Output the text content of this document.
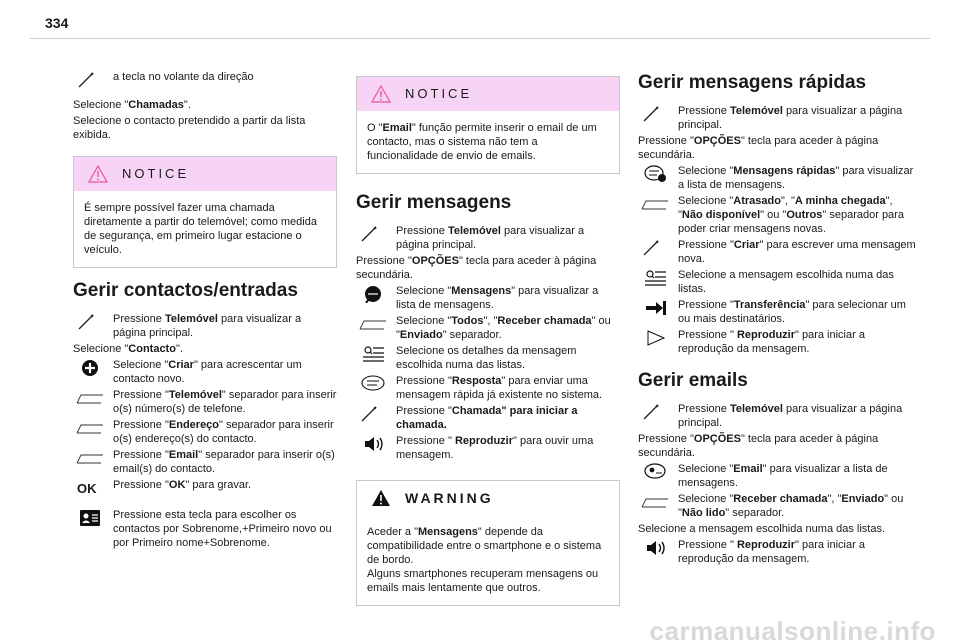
334
a tecla no volante da direção

Selecione "Chamadas".

Selecione o contacto pretendido a partir da lista exibida.

NOTICE
É sempre possível fazer uma chamada diretamente a partir do telemóvel; como medida de segurança, em primeiro lugar estacione o veículo.
Gerir contactos/entradas
Pressione Telemóvel para visualizar a página principal.

Selecione "Contacto".

Selecione "Criar" para acrescentar um contacto novo.
Pressione "Telemóvel" separador para inserir o(s) número(s) de telefone.
Pressione "Endereço" separador para inserir o(s) endereço(s) do contacto.
Pressione "Email" separador para inserir o(s) email(s) do contacto.
OK	Pressione "OK" para gravar.
Pressione esta tecla para escolher os contactos por Sobrenome,+Primeiro novo ou por Primeiro nome+Sobrenome.
NOTICE
O "Email" função permite inserir o email de um contacto, mas o sistema não tem a funcionalidade de envio de emails.
Gerir mensagens
Pressione Telemóvel para visualizar a página principal.

Pressione "OPÇÕES" tecla para aceder à página secundária.

Selecione "Mensagens" para visualizar a lista de mensagens.
Selecione "Todos", "Receber chamada" ou "Enviado" separador.
Selecione os detalhes da mensagem escolhida numa das listas.
Pressione "Resposta" para enviar uma mensagem rápida já existente no sistema.
Pressione "Chamada" para iniciar a chamada.
Pressione " Reproduzir" para ouvir uma mensagem.
WARNING
Aceder a "Mensagens" depende da compatibilidade entre o smartphone e o sistema de bordo.
Alguns smartphones recuperam mensagens ou emails mais lentamente que outros.
Gerir mensagens rápidas
Pressione Telemóvel para visualizar a página principal.

Pressione "OPÇÕES" tecla para aceder à página secundária.

Selecione "Mensagens rápidas" para visualizar a lista de mensagens.
Selecione "Atrasado", "A minha chegada", "Não disponível" ou "Outros" separador para poder criar mensagens novas.
Pressione "Criar" para escrever uma mensagem nova.
Selecione a mensagem escolhida numa das listas.
Pressione "Transferência" para selecionar um ou mais destinatários.
Pressione " Reproduzir" para iniciar a reprodução da mensagem.
Gerir emails
Pressione Telemóvel para visualizar a página principal.

Pressione "OPÇÕES" tecla para aceder à página secundária.

Selecione "Email" para visualizar a lista de mensagens.
Selecione "Receber chamada", "Enviado" ou "Não lido" separador.

Selecione a mensagem escolhida numa das listas.

Pressione " Reproduzir" para iniciar a reprodução da mensagem.
carmanualsonline.info
